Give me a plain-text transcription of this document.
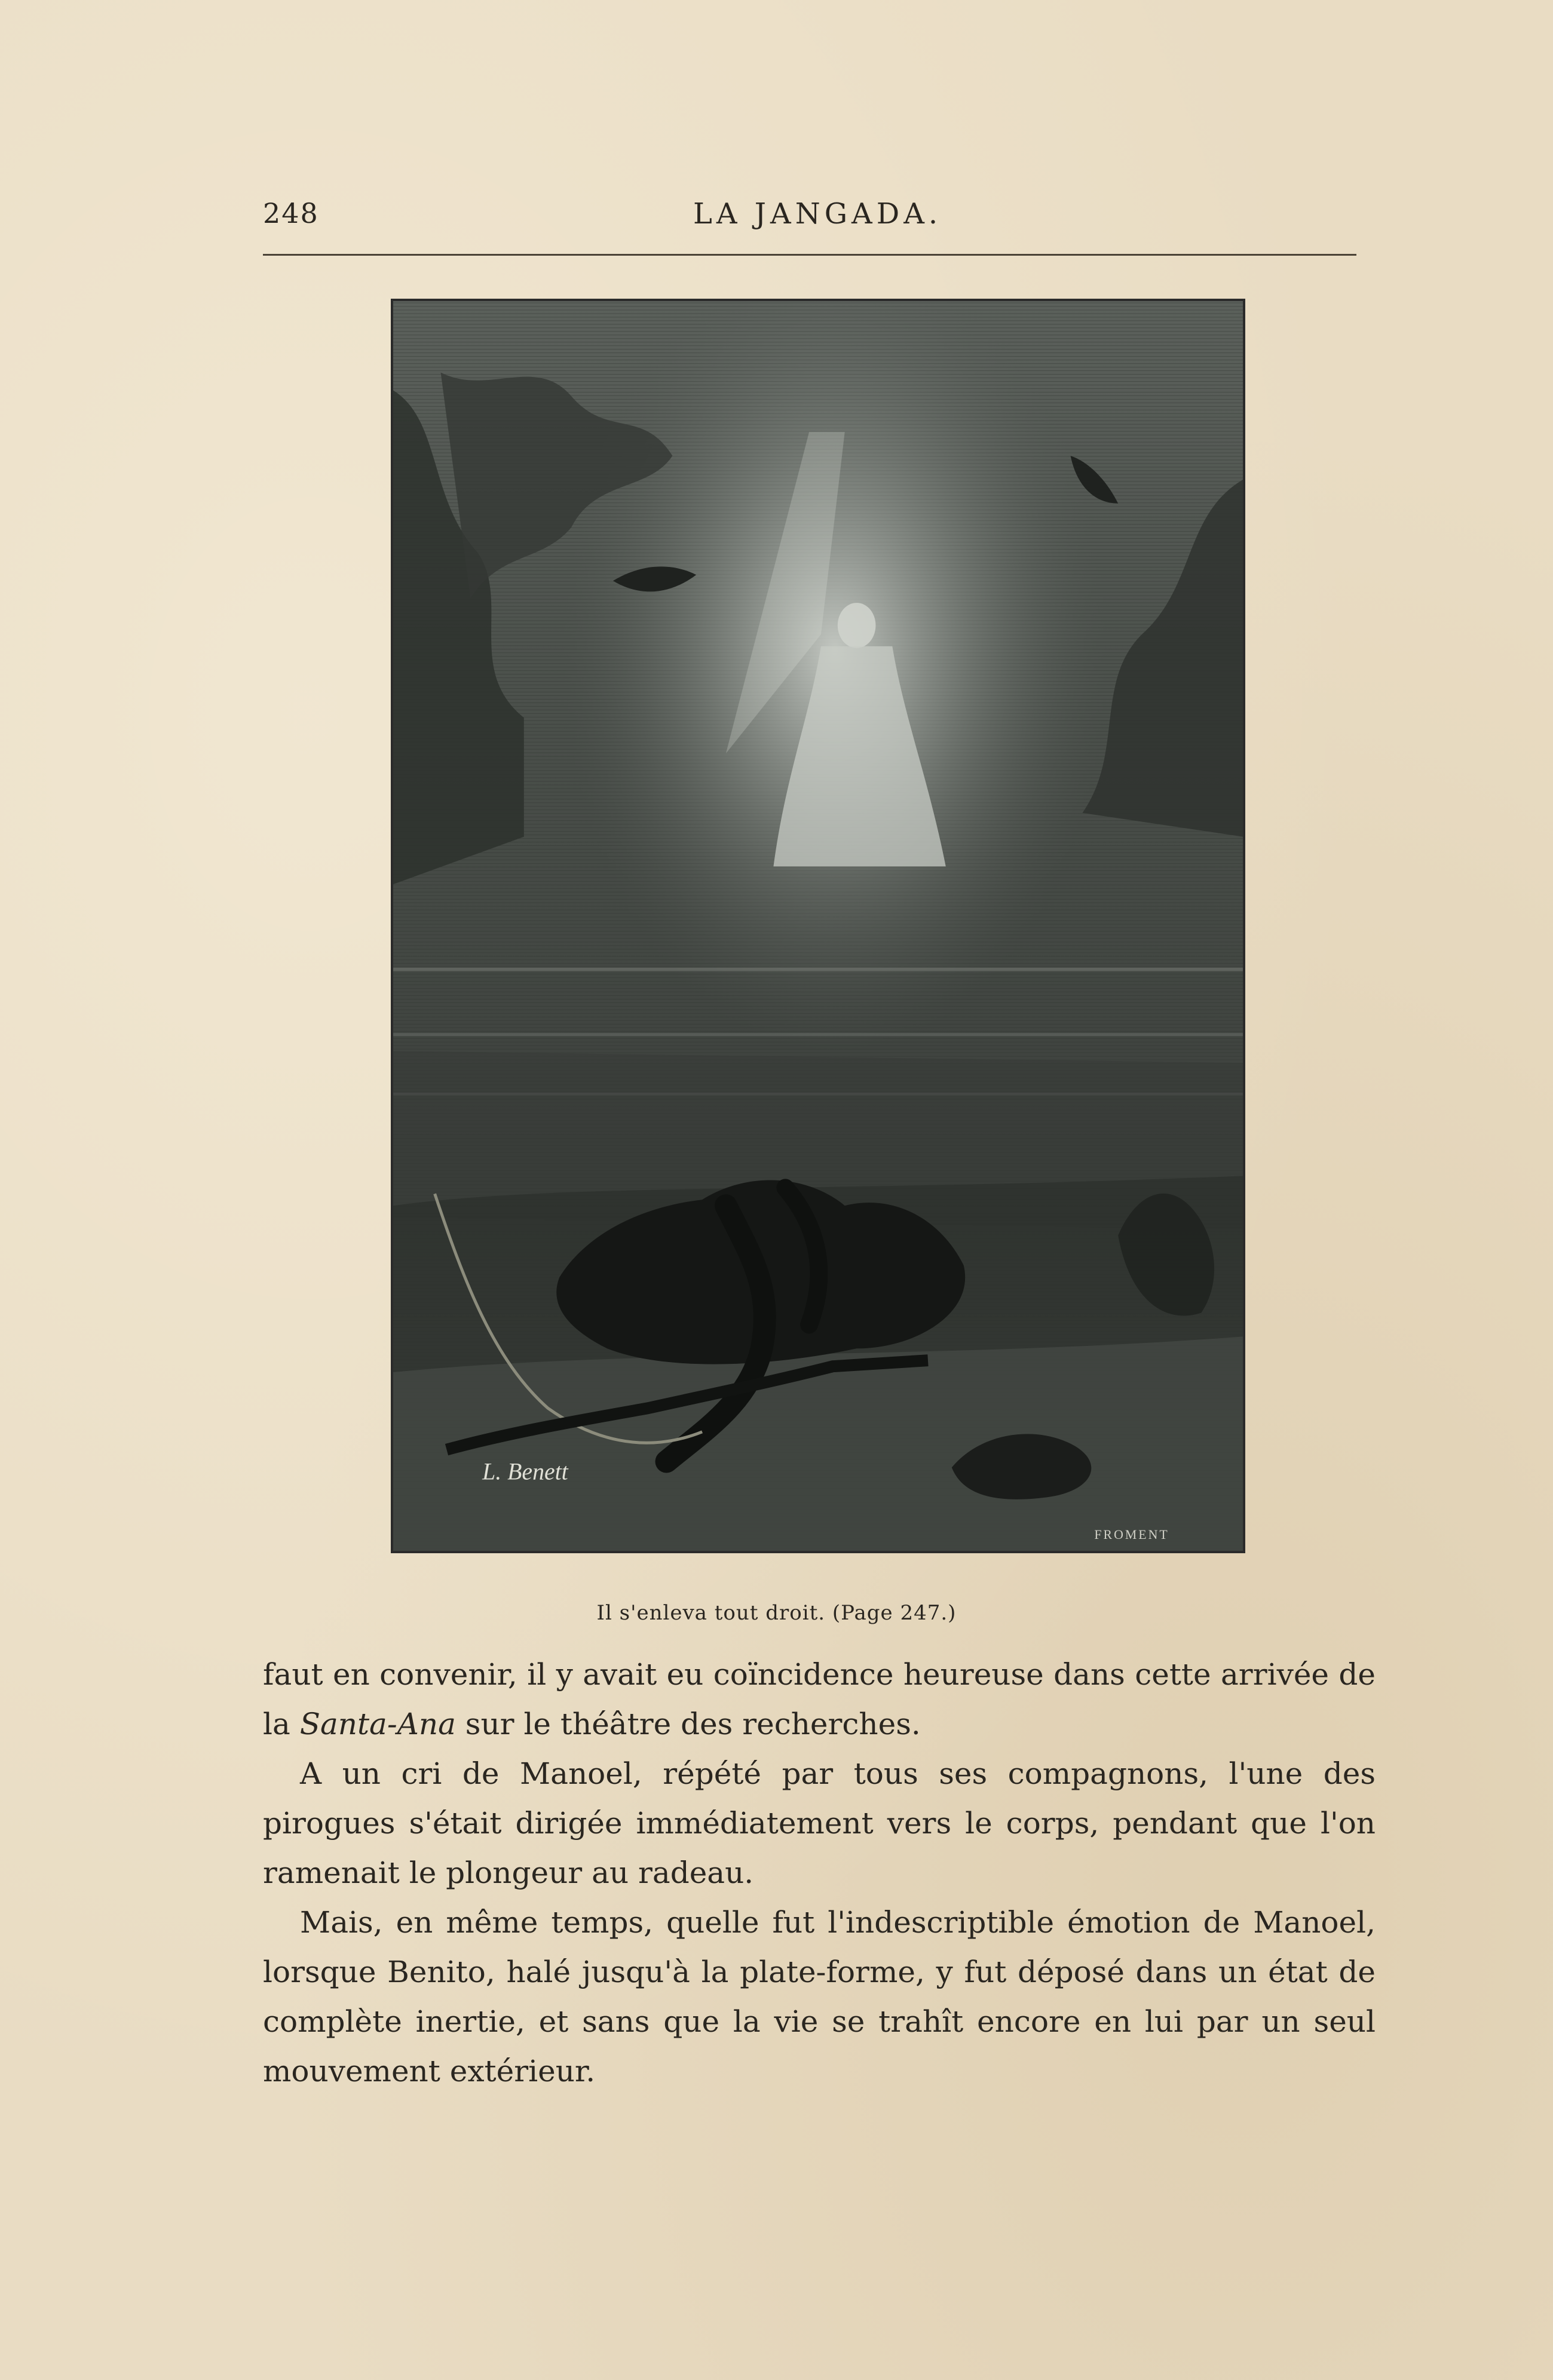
248	LA JANGADA.
L. Benett
FROMENT
Il s'enleva tout droit. (Page 247.)

faut en convenir, il y avait eu coïncidence heureuse dans cette arrivée de la Santa-Ana sur le théâtre des recherches.

A un cri de Manoel, répété par tous ses compagnons, l'une des pirogues s'était dirigée immédiatement vers le corps, pendant que l'on ramenait le plongeur au radeau.

Mais, en même temps, quelle fut l'indescriptible émotion de Manoel, lorsque Benito, halé jusqu'à la plate-forme, y fut déposé dans un état de complète inertie, et sans que la vie se trahît encore en lui par un seul mouvement extérieur.
